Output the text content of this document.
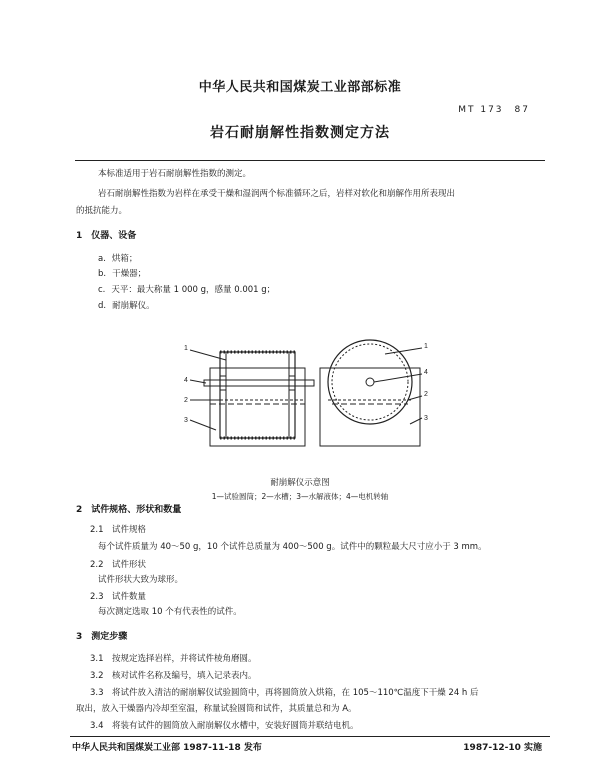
中华人民共和国煤炭工业部部标准
MT 173　87
岩石耐崩解性指数测定方法
本标准适用于岩石耐崩解性指数的测定。
岩石耐崩解性指数为岩样在承受干燥和湿润两个标准循环之后，岩样对软化和崩解作用所表现出
的抵抗能力。
1　仪器、设备
a. 烘箱；
b. 干燥器；
c. 天平：最大称量 1 000 g，感量 0.001 g；
d. 耐崩解仪。
1
4
2
3
1
4
2
3
耐崩解仪示意图
1—试验圆筒；2—水槽；3—水解液体；4—电机转轴
2　试件规格、形状和数量
2.1　试件规格
每个试件质量为 40～50 g，10 个试件总质量为 400～500 g。试件中的颗粒最大尺寸应小于 3 mm。
2.2　试件形状
试件形状大致为球形。
2.3　试件数量
每次测定选取 10 个有代表性的试件。
3　测定步骤
3.1　按规定选择岩样，并将试件棱角磨圆。
3.2　核对试件名称及编号，填入记录表内。
3.3　将试件放入清洁的耐崩解仪试验圆筒中，再将圆筒放入烘箱，在 105～110℃温度下干燥 24 h 后
取出，放入干燥器内冷却至室温，称量试验圆筒和试件，其质量总和为 A。
3.4　将装有试件的圆筒放入耐崩解仪水槽中，安装好圆筒并联结电机。
中华人民共和国煤炭工业部 1987-11-18 发布	1987-12-10 实施
